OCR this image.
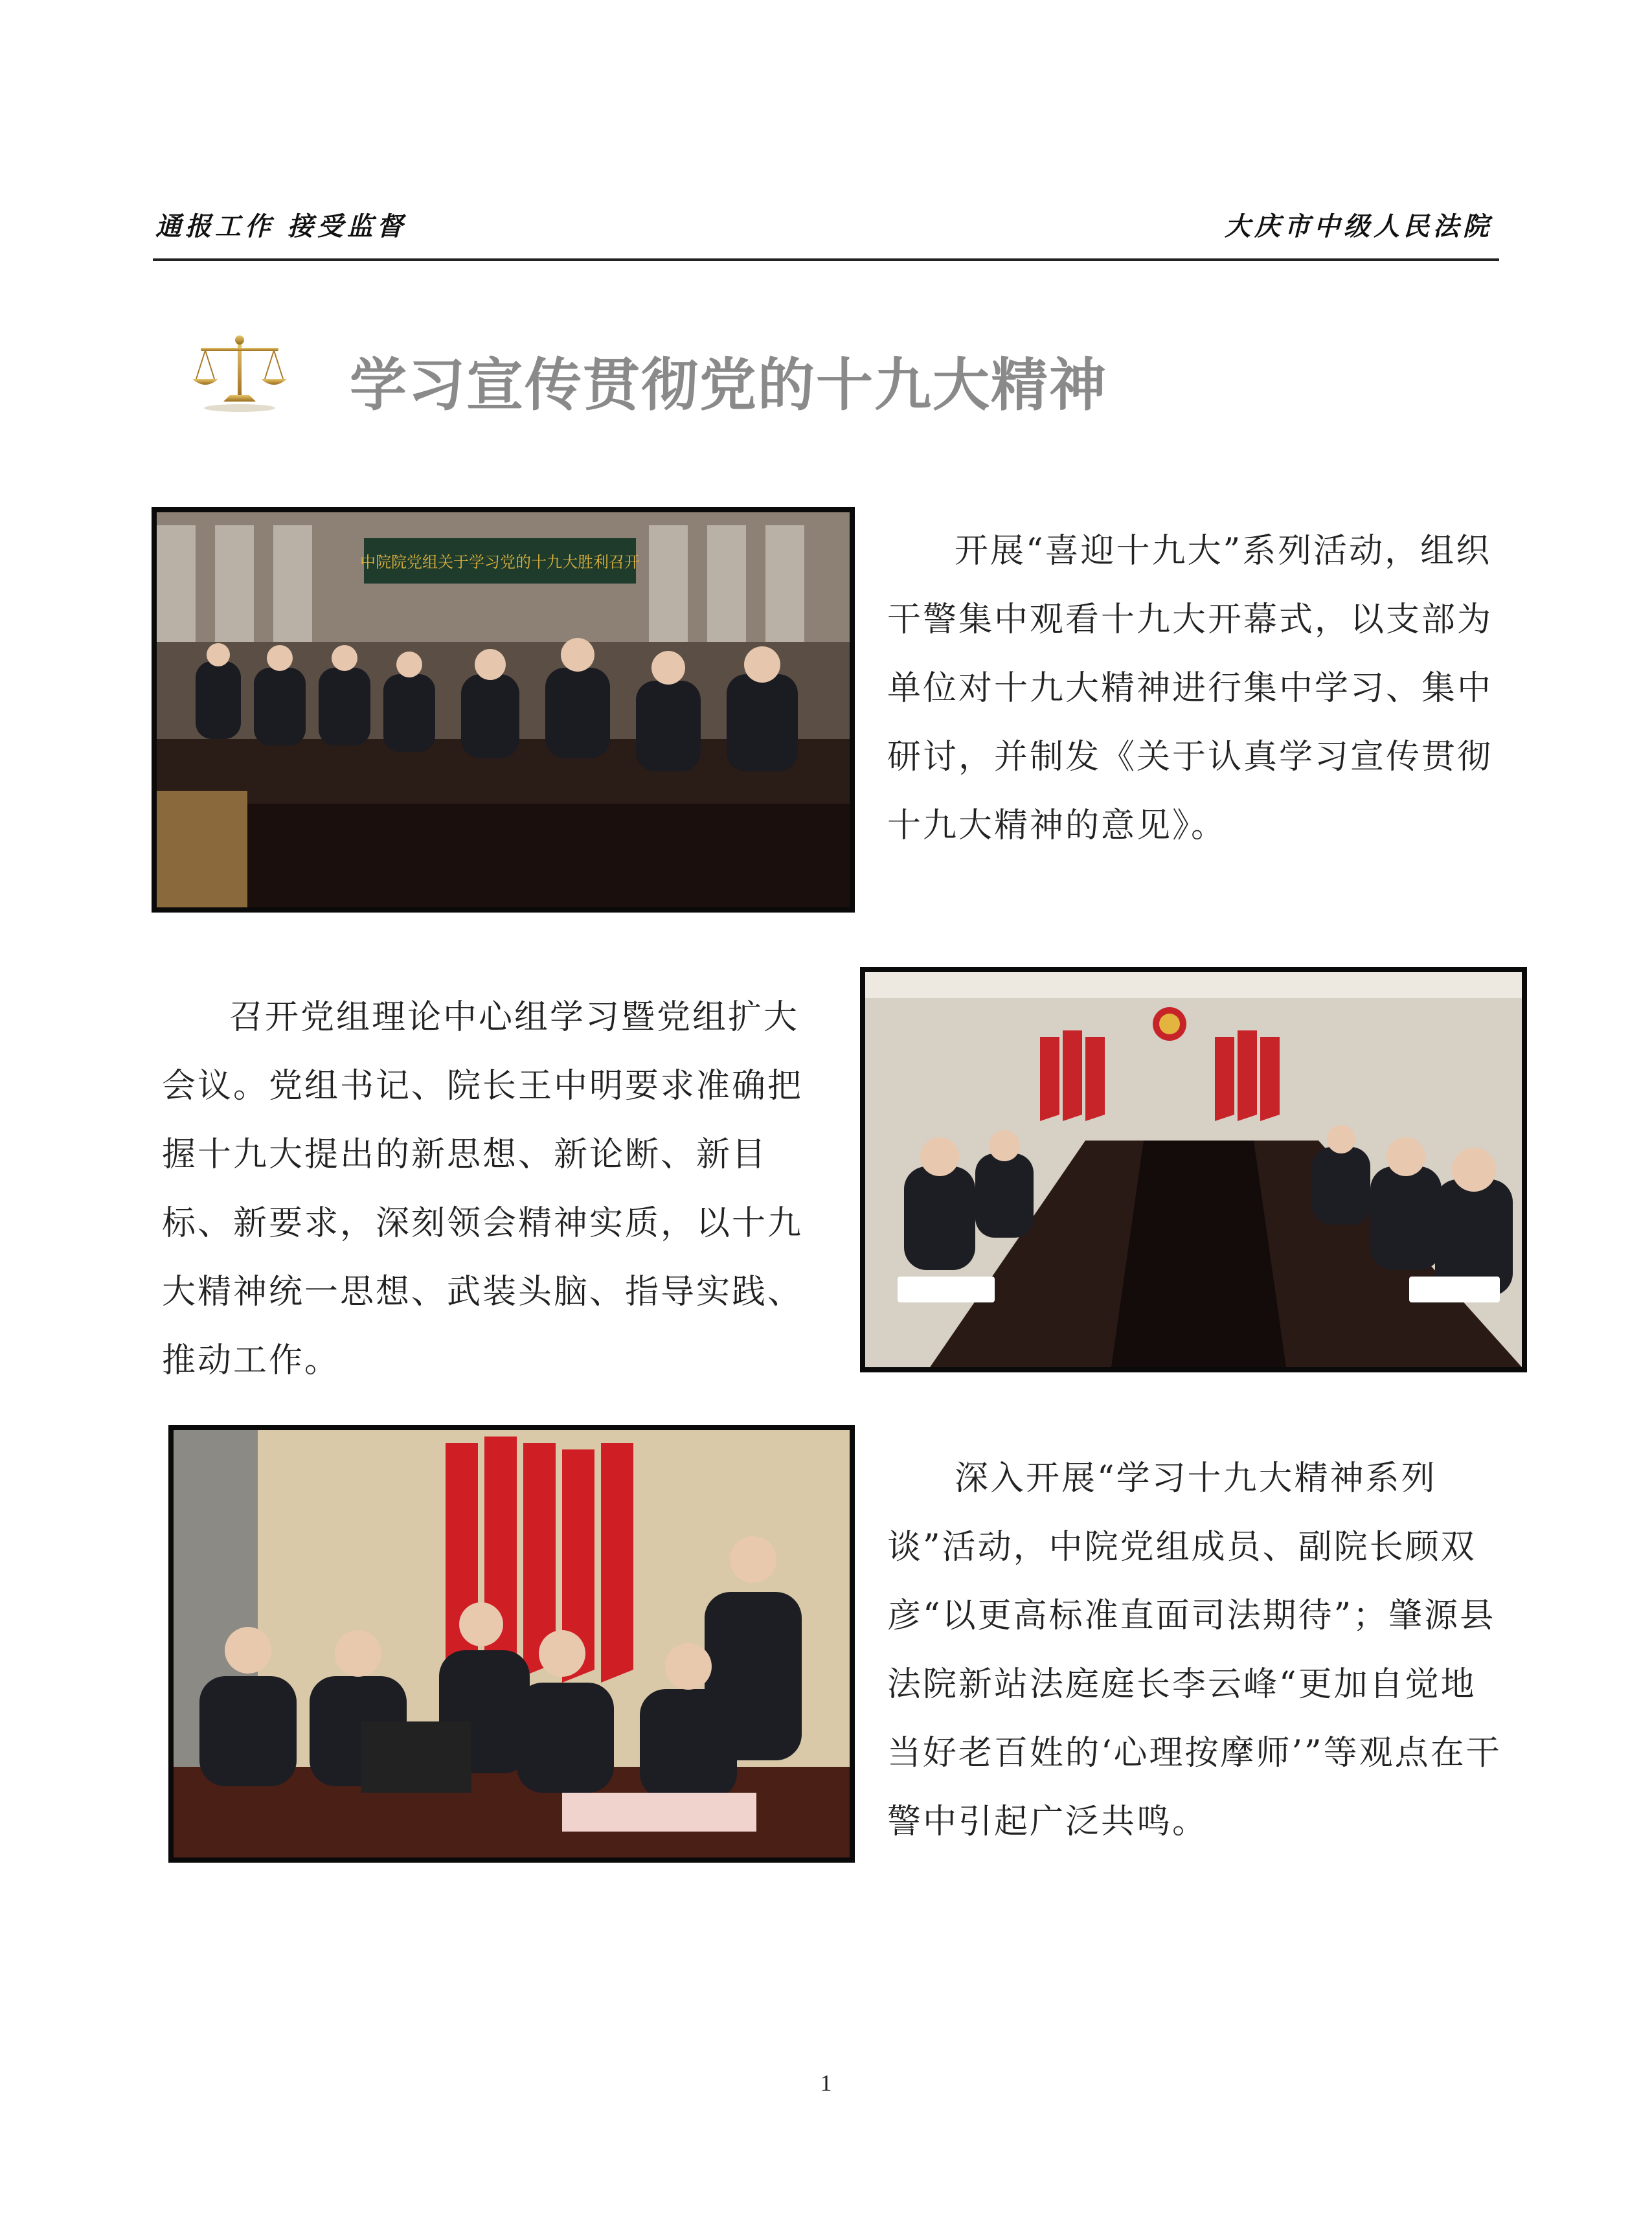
通报工作 接受监督	大庆市中级人民法院
学习宣传贯彻党的十九大精神
中院院党组关于学习党的十九大胜利召开	开展“喜迎十九大”系列活动，组织干警集中观看十九大开幕式，以支部为单位对十九大精神进行集中学习、集中研讨，并制发《关于认真学习宣传贯彻十九大精神的意见》。

召开党组理论中心组学习暨党组扩大会议。党组书记、院长王中明要求准确把握十九大提出的新思想、新论断、新目标、新要求，深刻领会精神实质，以十九大精神统一思想、武装头脑、指导实践、推动工作。

深入开展“学习十九大精神系列谈”活动，中院党组成员、副院长顾双彦“以更高标准直面司法期待”；肇源县法院新站法庭庭长李云峰“更加自觉地当好老百姓的‘心理按摩师’”等观点在干警中引起广泛共鸣。

1
